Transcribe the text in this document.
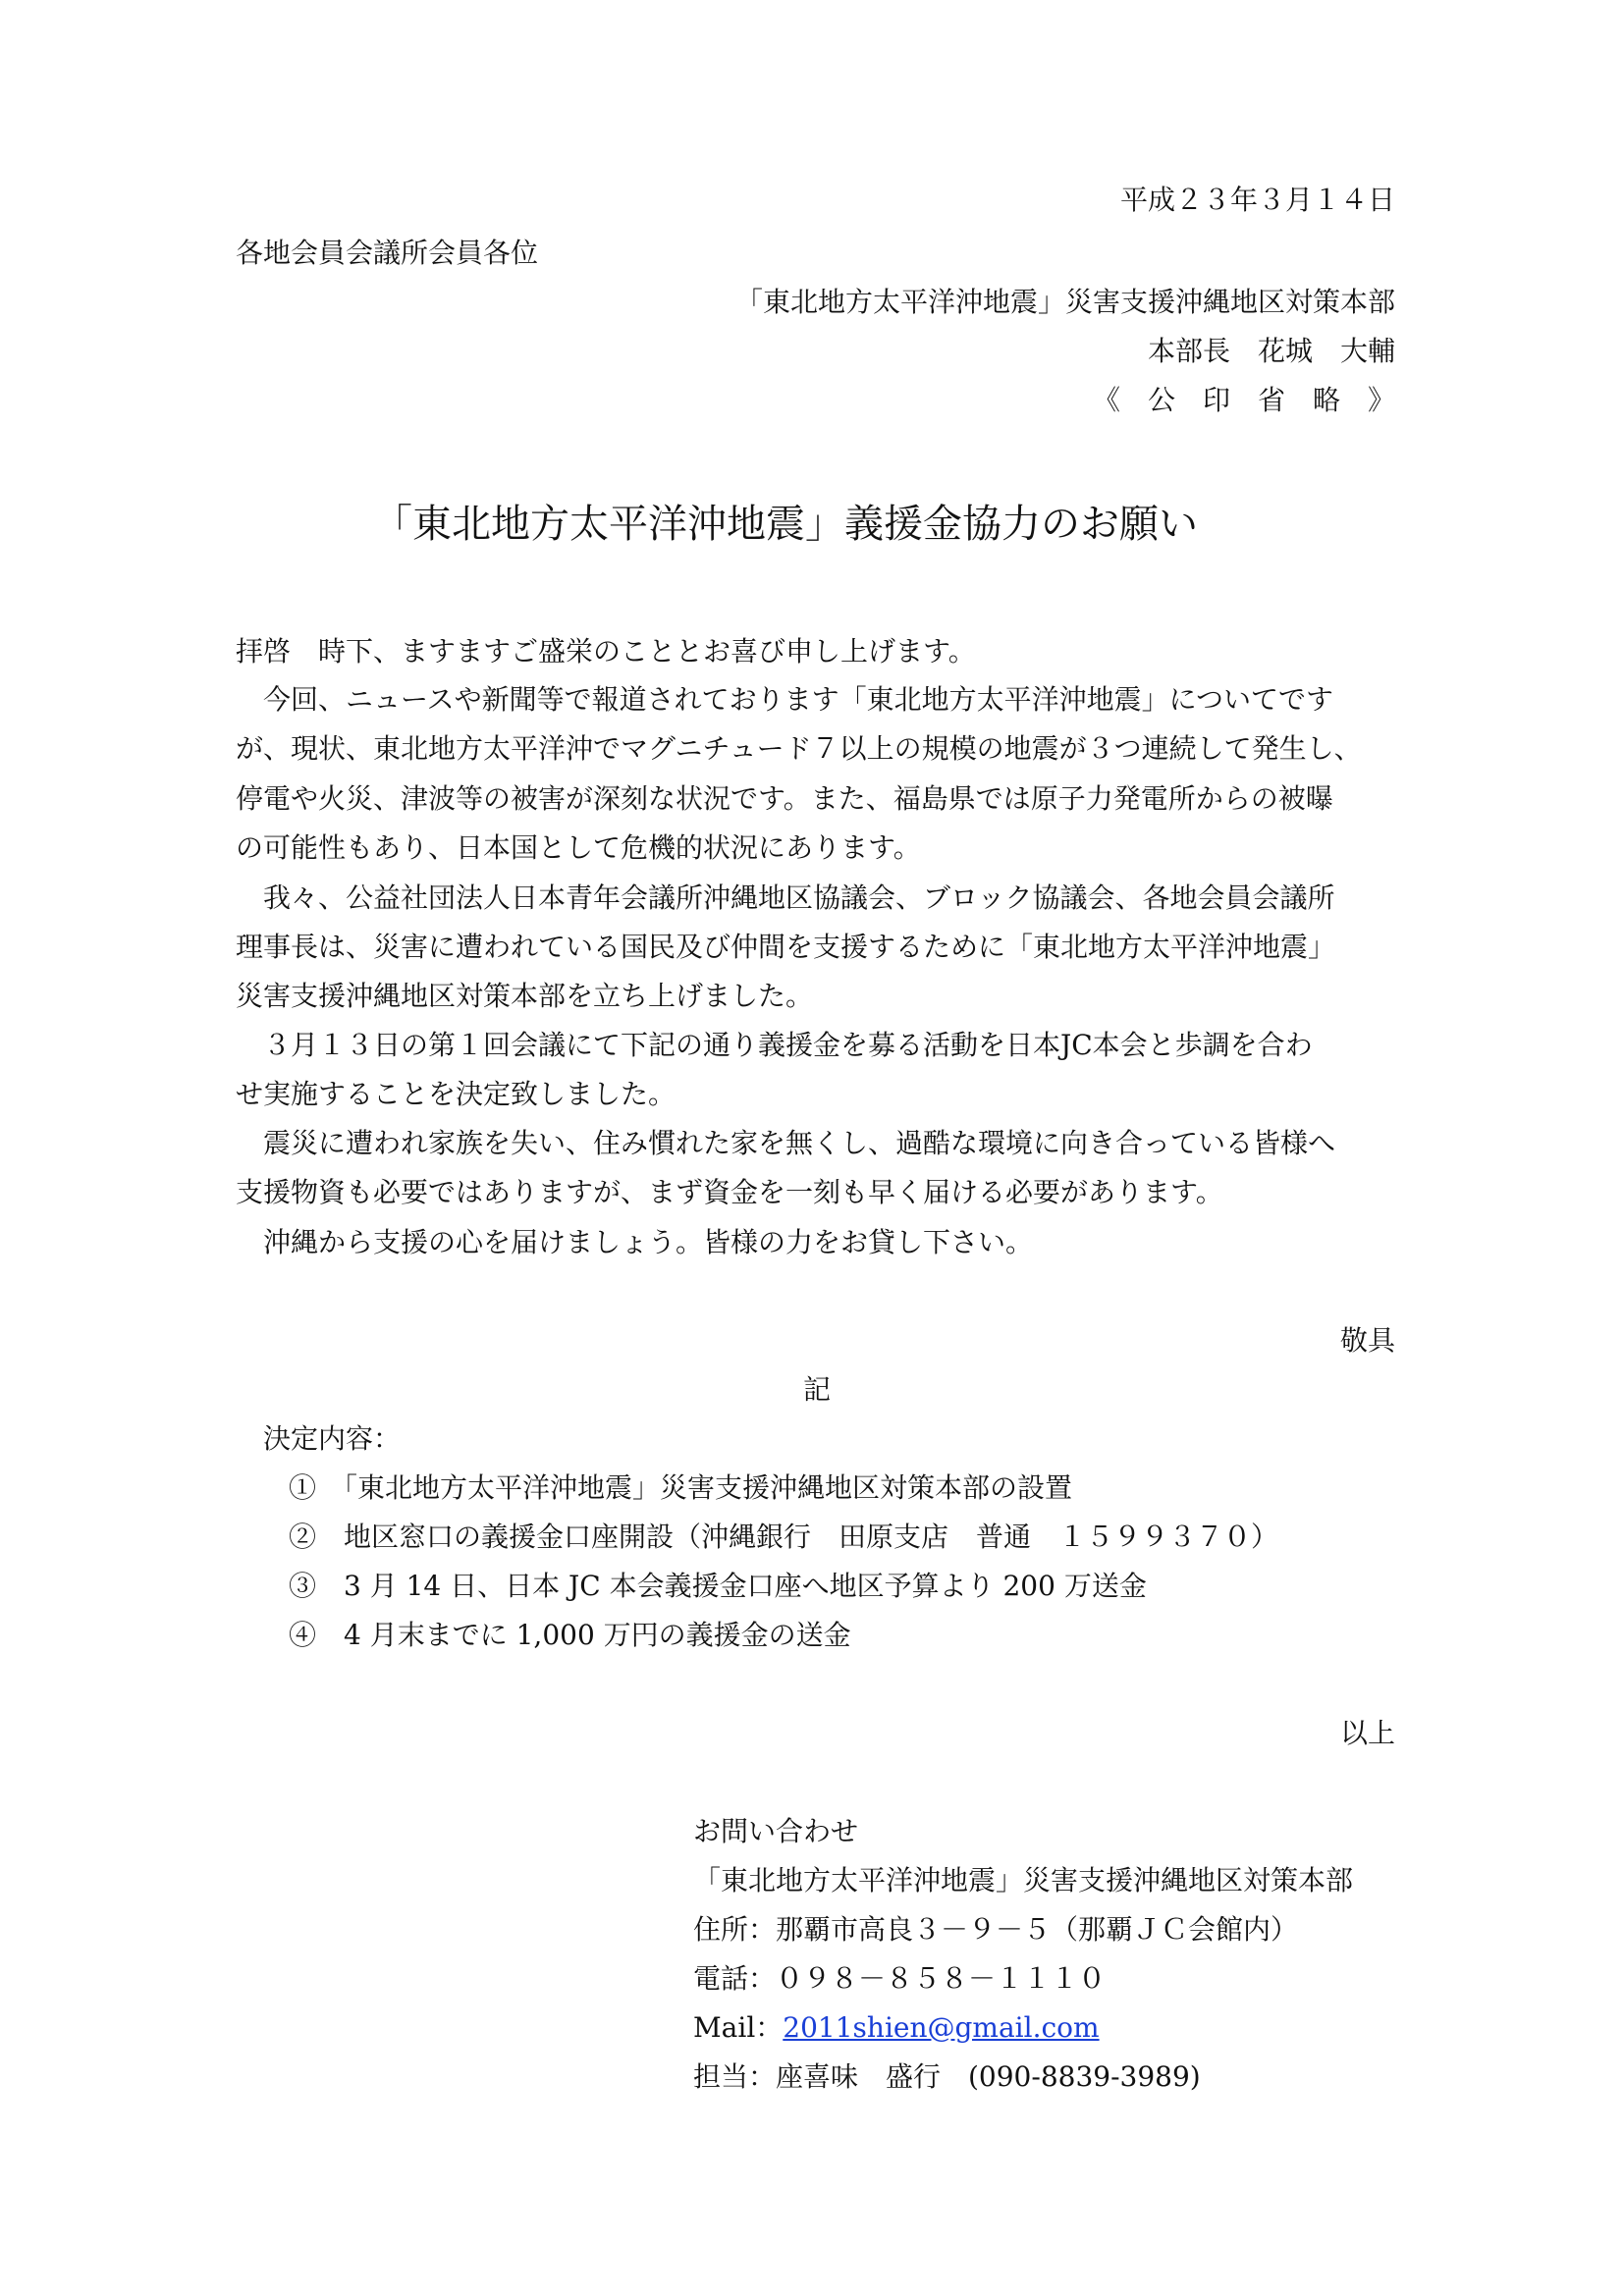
平成２３年３月１４日
各地会員会議所会員各位
「東北地方太平洋沖地震」災害支援沖縄地区対策本部
本部長　花城　大輔
《　公　印　省　略　》
「東北地方太平洋沖地震」義援金協力のお願い
拝啓　時下、ますますご盛栄のこととお喜び申し上げます。
　今回、ニュースや新聞等で報道されております「東北地方太平洋沖地震」についてです
が、現状、東北地方太平洋沖でマグニチュード７以上の規模の地震が３つ連続して発生し、
停電や火災、津波等の被害が深刻な状況です。また、福島県では原子力発電所からの被曝
の可能性もあり、日本国として危機的状況にあります。
　我々、公益社団法人日本青年会議所沖縄地区協議会、ブロック協議会、各地会員会議所
理事長は、災害に遭われている国民及び仲間を支援するために「東北地方太平洋沖地震」
災害支援沖縄地区対策本部を立ち上げました。
　３月１３日の第１回会議にて下記の通り義援金を募る活動を日本JC本会と歩調を合わ
せ実施することを決定致しました。
　震災に遭われ家族を失い、住み慣れた家を無くし、過酷な環境に向き合っている皆様へ
支援物資も必要ではありますが、まず資金を一刻も早く届ける必要があります。
　沖縄から支援の心を届けましょう。皆様の力をお貸し下さい。
敬具
記
決定内容：
①　「東北地方太平洋沖地震」災害支援沖縄地区対策本部の設置
②　地区窓口の義援金口座開設（沖縄銀行　田原支店　普通　１５９９３７０）
③　3 月 14 日、日本 JC 本会義援金口座へ地区予算より 200 万送金
④　4 月末までに 1,000 万円の義援金の送金
以上
お問い合わせ
「東北地方太平洋沖地震」災害支援沖縄地区対策本部
住所：那覇市高良３－９－５（那覇ＪＣ会館内）
電話：０９８－８５８－１１１０
Mail：2011shien@gmail.com
担当：座喜味　盛行　(090-8839-3989)
